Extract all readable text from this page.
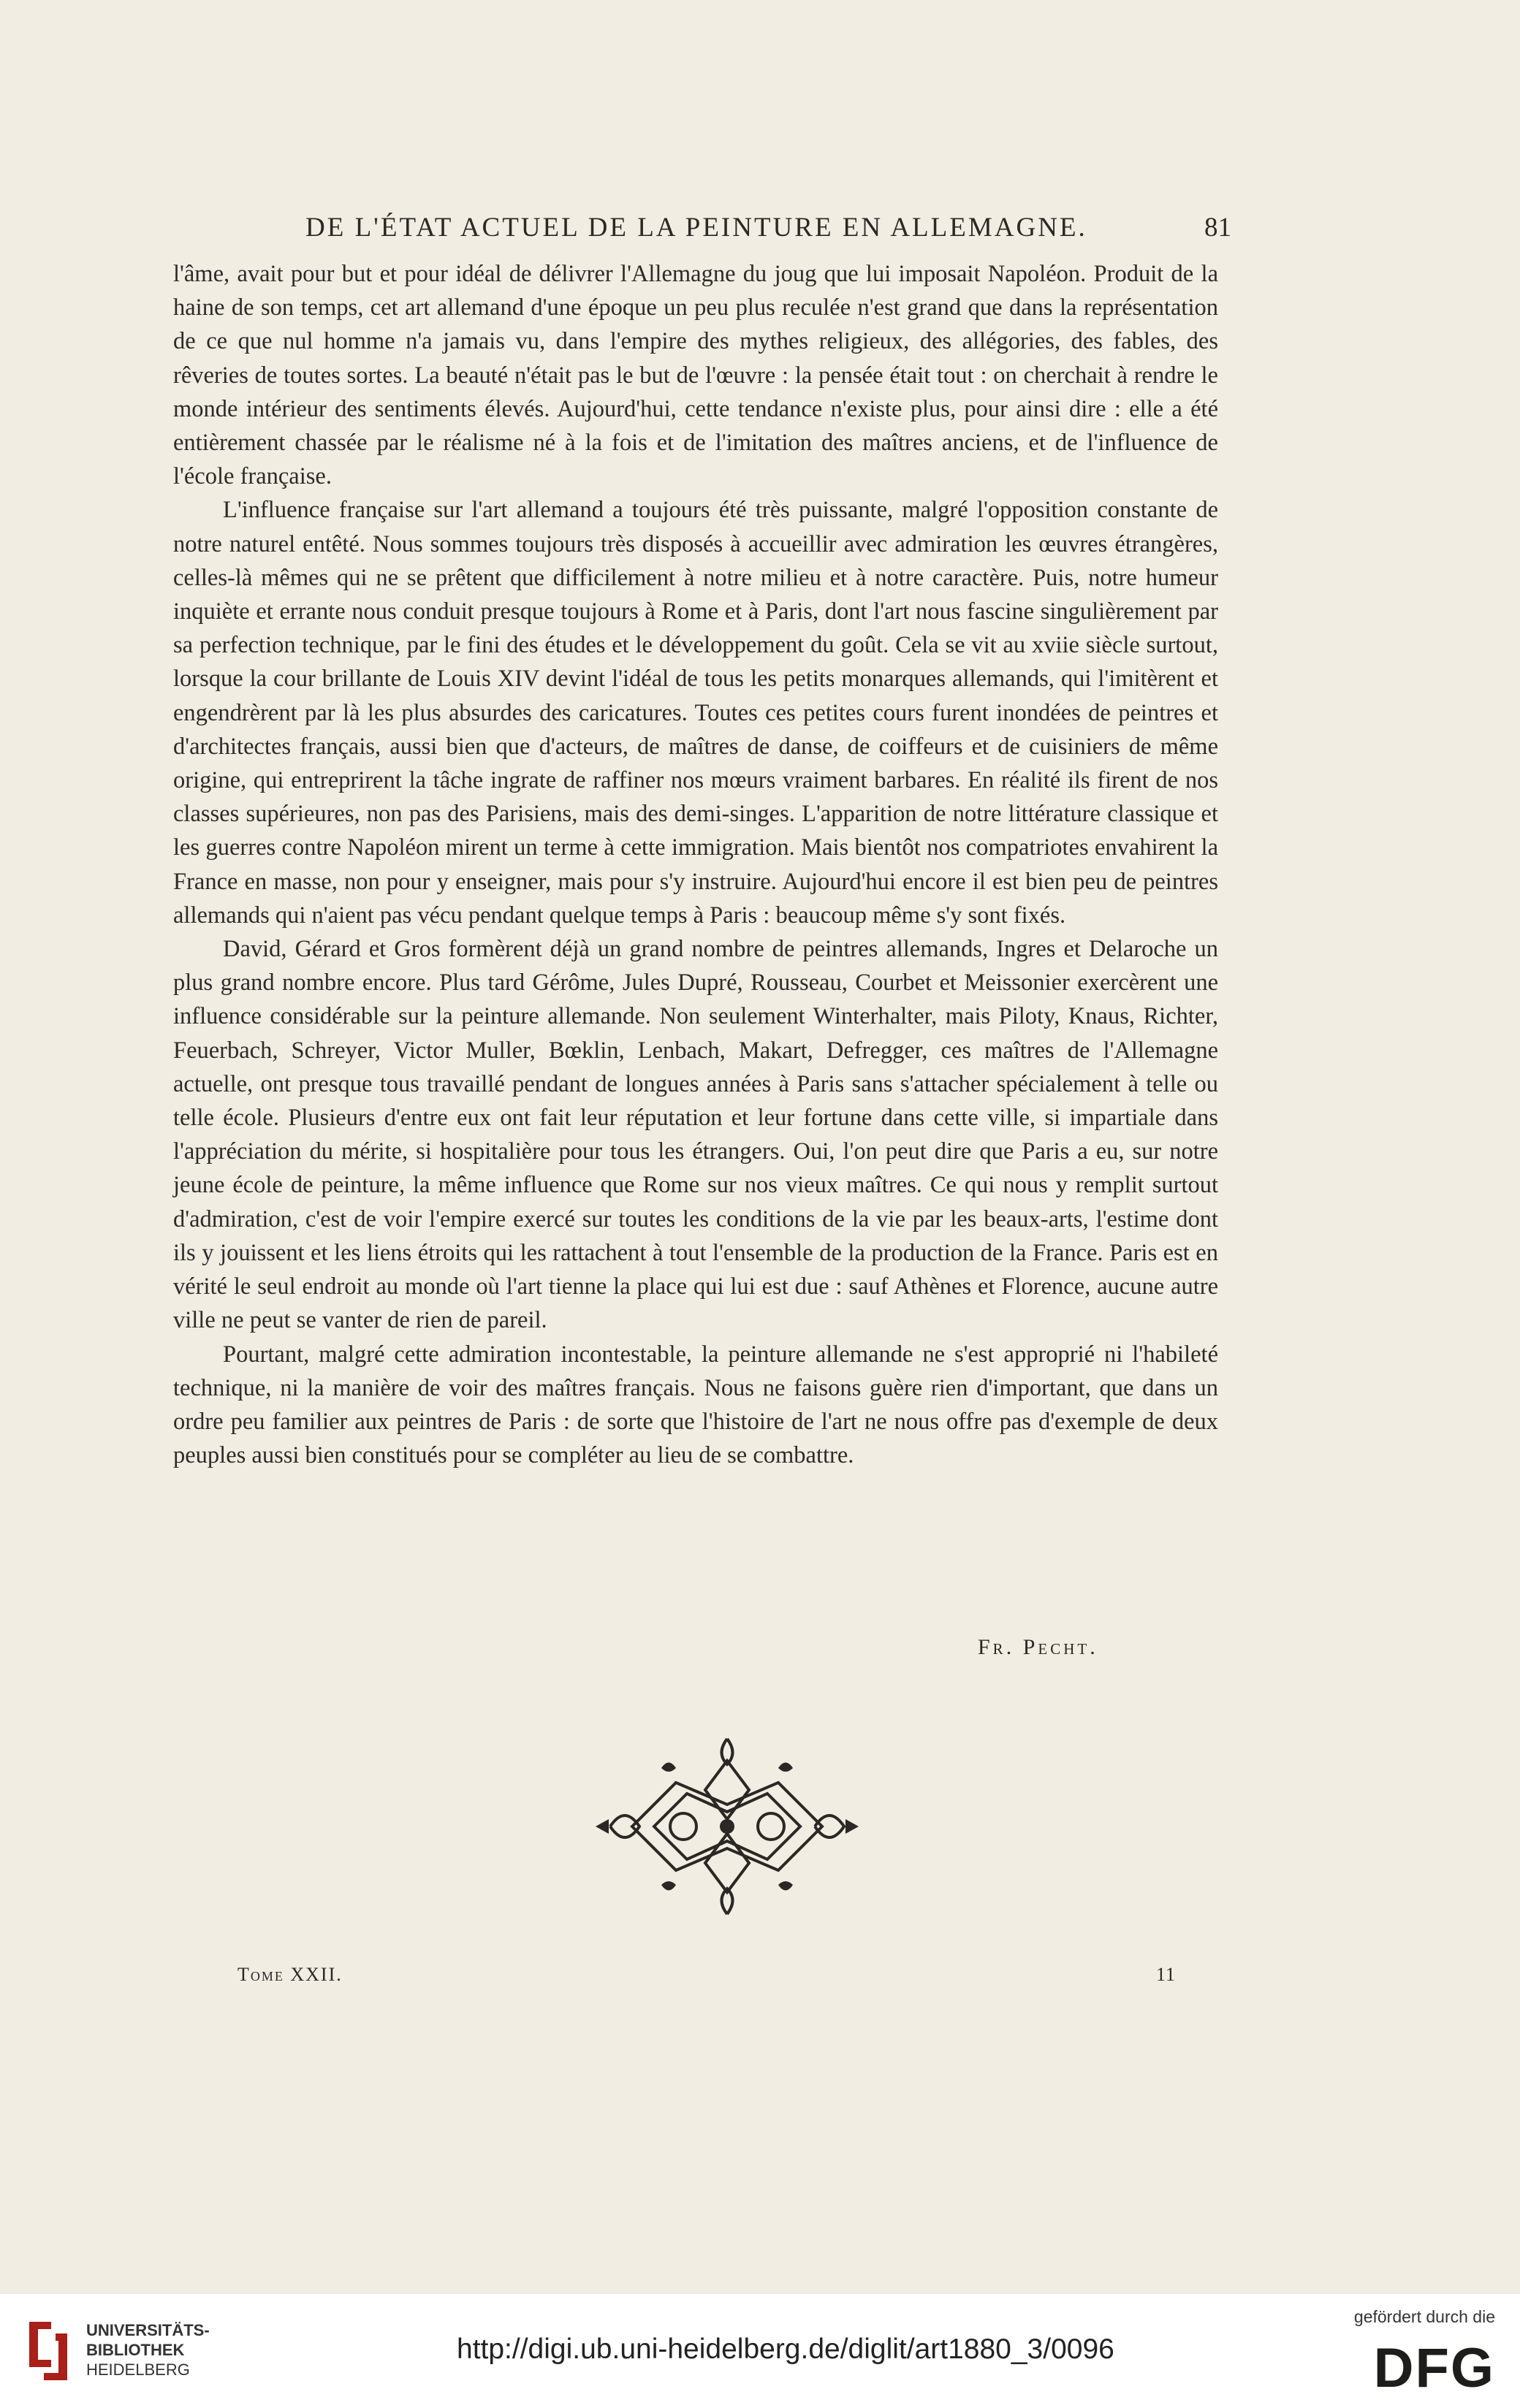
DE L'ÉTAT ACTUEL DE LA PEINTURE EN ALLEMAGNE.	81

l'âme, avait pour but et pour idéal de délivrer l'Allemagne du joug que lui imposait Napoléon. Produit de la haine de son temps, cet art allemand d'une époque un peu plus reculée n'est grand que dans la représentation de ce que nul homme n'a jamais vu, dans l'empire des mythes religieux, des allégories, des fables, des rêveries de toutes sortes. La beauté n'était pas le but de l'œuvre : la pensée était tout : on cherchait à rendre le monde intérieur des sentiments élevés. Aujourd'hui, cette tendance n'existe plus, pour ainsi dire : elle a été entièrement chassée par le réalisme né à la fois et de l'imitation des maîtres anciens, et de l'influence de l'école française.

L'influence française sur l'art allemand a toujours été très puissante, malgré l'opposition constante de notre naturel entêté. Nous sommes toujours très disposés à accueillir avec admiration les œuvres étrangères, celles-là mêmes qui ne se prêtent que difficilement à notre milieu et à notre caractère. Puis, notre humeur inquiète et errante nous conduit presque toujours à Rome et à Paris, dont l'art nous fascine singulièrement par sa perfection technique, par le fini des études et le développement du goût. Cela se vit au xviie siècle surtout, lorsque la cour brillante de Louis XIV devint l'idéal de tous les petits monarques allemands, qui l'imitèrent et engendrèrent par là les plus absurdes des caricatures. Toutes ces petites cours furent inondées de peintres et d'architectes français, aussi bien que d'acteurs, de maîtres de danse, de coiffeurs et de cuisiniers de même origine, qui entreprirent la tâche ingrate de raffiner nos mœurs vraiment barbares. En réalité ils firent de nos classes supérieures, non pas des Parisiens, mais des demi-singes. L'apparition de notre littérature classique et les guerres contre Napoléon mirent un terme à cette immigration. Mais bientôt nos compatriotes envahirent la France en masse, non pour y enseigner, mais pour s'y instruire. Aujourd'hui encore il est bien peu de peintres allemands qui n'aient pas vécu pendant quelque temps à Paris : beaucoup même s'y sont fixés.

David, Gérard et Gros formèrent déjà un grand nombre de peintres allemands, Ingres et Delaroche un plus grand nombre encore. Plus tard Gérôme, Jules Dupré, Rousseau, Courbet et Meissonier exercèrent une influence considérable sur la peinture allemande. Non seulement Winterhalter, mais Piloty, Knaus, Richter, Feuerbach, Schreyer, Victor Muller, Bœklin, Lenbach, Makart, Defregger, ces maîtres de l'Allemagne actuelle, ont presque tous travaillé pendant de longues années à Paris sans s'attacher spécialement à telle ou telle école. Plusieurs d'entre eux ont fait leur réputation et leur fortune dans cette ville, si impartiale dans l'appréciation du mérite, si hospitalière pour tous les étrangers. Oui, l'on peut dire que Paris a eu, sur notre jeune école de peinture, la même influence que Rome sur nos vieux maîtres. Ce qui nous y remplit surtout d'admiration, c'est de voir l'empire exercé sur toutes les conditions de la vie par les beaux-arts, l'estime dont ils y jouissent et les liens étroits qui les rattachent à tout l'ensemble de la production de la France. Paris est en vérité le seul endroit au monde où l'art tienne la place qui lui est due : sauf Athènes et Florence, aucune autre ville ne peut se vanter de rien de pareil.

Pourtant, malgré cette admiration incontestable, la peinture allemande ne s'est approprié ni l'habileté technique, ni la manière de voir des maîtres français. Nous ne faisons guère rien d'important, que dans un ordre peu familier aux peintres de Paris : de sorte que l'histoire de l'art ne nous offre pas d'exemple de deux peuples aussi bien constitués pour se compléter au lieu de se combattre.

Fr. Pecht.
Tome XXII.	11
UNIVERSITÄTS-
BIBLIOTHEK
HEIDELBERG
http://digi.ub.uni-heidelberg.de/diglit/art1880_3/0096
gefördert durch die
DFG
